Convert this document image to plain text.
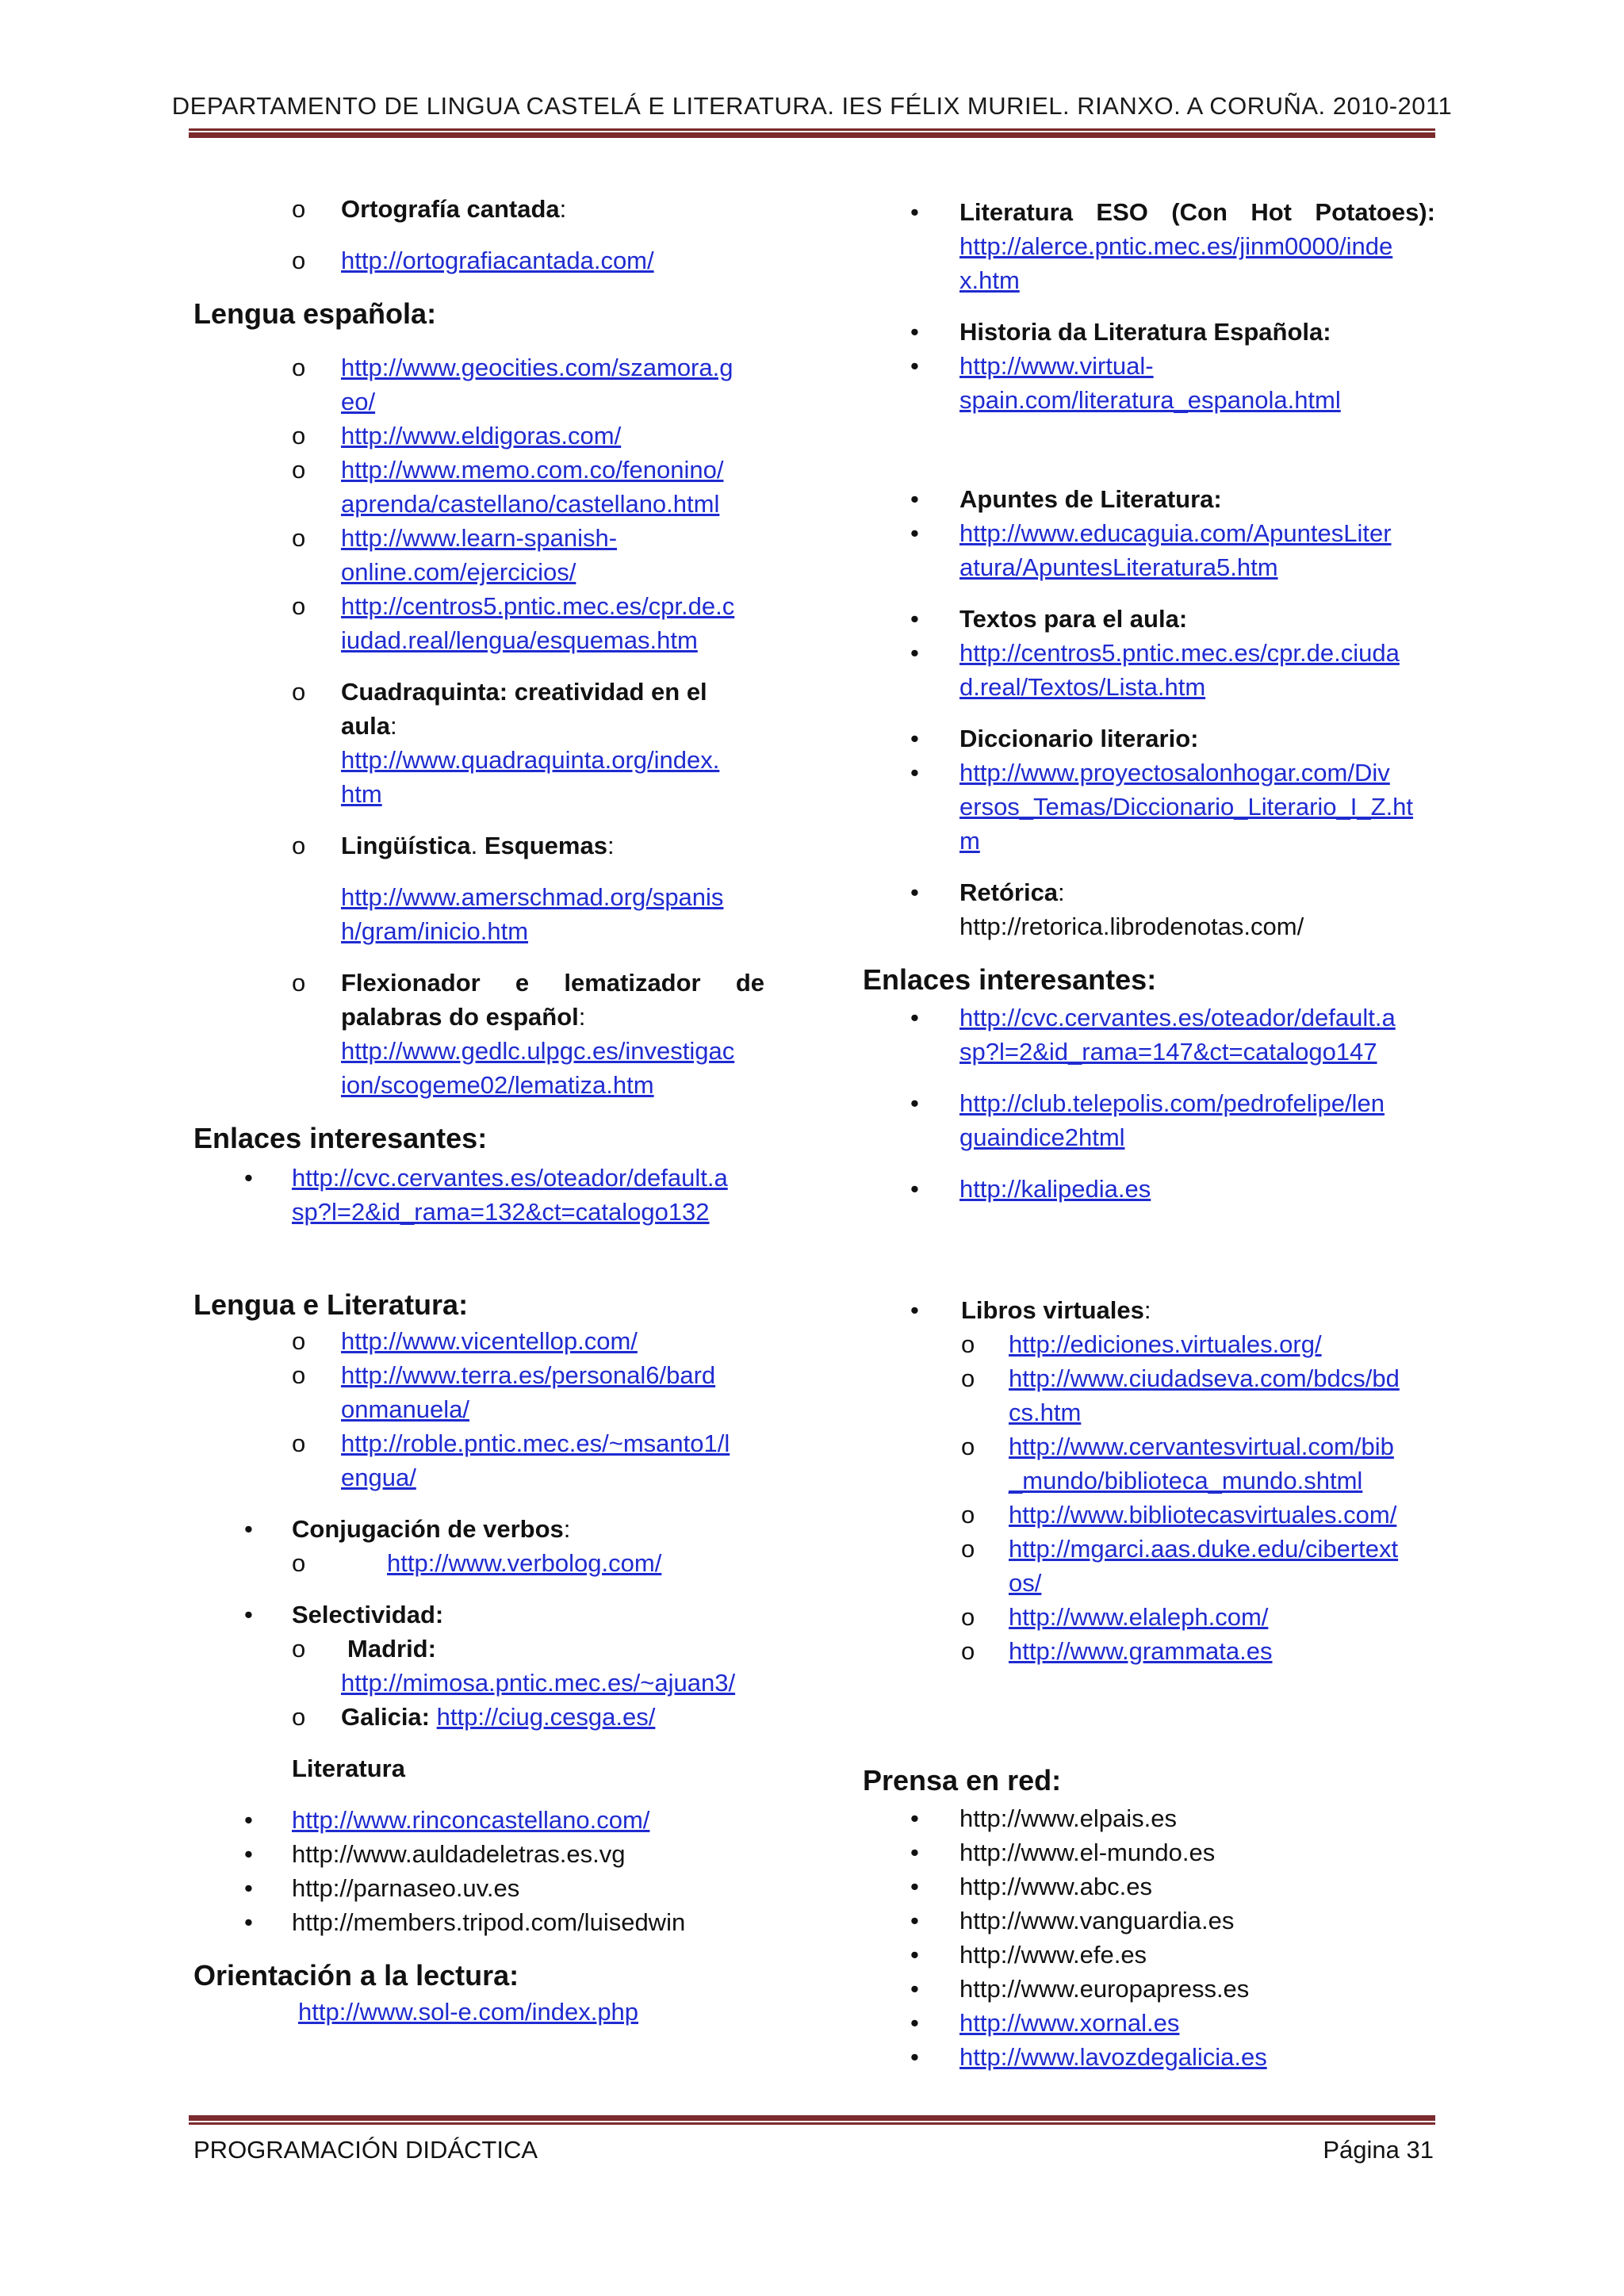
DEPARTAMENTO DE LINGUA CASTELÁ E LITERATURA. IES FÉLIX MURIEL. RIANXO. A CORUÑA. 2010-2011
o
Ortografía cantada:
o
http://ortografiacantada.com/
Lengua española:
o
http://www.geocities.com/szamora.g
eo/
o
http://www.eldigoras.com/
o
http://www.memo.com.co/fenonino/
aprenda/castellano/castellano.html
o
http://www.learn-spanish-
online.com/ejercicios/
o
http://centros5.pntic.mec.es/cpr.de.c
iudad.real/lengua/esquemas.htm
o
Cuadraquinta: creatividad en el aula:
http://www.quadraquinta.org/index.
htm
o
Lingüística. Esquemas:
http://www.amerschmad.org/spanis
h/gram/inicio.htm
o
Flexionador e lematizador de
palabras do español:
http://www.gedlc.ulpgc.es/investigac
ion/scogeme02/lematiza.htm
Enlaces interesantes:
•
http://cvc.cervantes.es/oteador/default.a
sp?l=2&id_rama=132&ct=catalogo132
Lengua e Literatura:
o
http://www.vicentellop.com/
o
http://www.terra.es/personal6/bard
onmanuela/
o
http://roble.pntic.mec.es/~msanto1/l
engua/
•
Conjugación de verbos:
o
http://www.verbolog.com/
•
Selectividad:
o
Madrid:
http://mimosa.pntic.mec.es/~ajuan3/
o
Galicia: http://ciug.cesga.es/
Literatura
•
http://www.rinconcastellano.com/
•
http://www.auldadeletras.es.vg
•
http://parnaseo.uv.es
•
http://members.tripod.com/luisedwin
Orientación a la lectura:
http://www.sol-e.com/index.php
•
Literatura ESO (Con Hot Potatoes):
http://alerce.pntic.mec.es/jinm0000/inde
x.htm
•
Historia da Literatura Española:
•
http://www.virtual-
spain.com/literatura_espanola.html
•
Apuntes de Literatura:
•
http://www.educaguia.com/ApuntesLiter
atura/ApuntesLiteratura5.htm
•
Textos para el aula:
•
http://centros5.pntic.mec.es/cpr.de.ciuda
d.real/Textos/Lista.htm
•
Diccionario literario:
•
http://www.proyectosalonhogar.com/Div
ersos_Temas/Diccionario_Literario_I_Z.ht
m
•
Retórica:
http://retorica.librodenotas.com/
Enlaces interesantes:
•
http://cvc.cervantes.es/oteador/default.a
sp?l=2&id_rama=147&ct=catalogo147
•
http://club.telepolis.com/pedrofelipe/len
guaindice2html
•
http://kalipedia.es
•
Libros virtuales:
o
http://ediciones.virtuales.org/
o
http://www.ciudadseva.com/bdcs/bd
cs.htm
o
http://www.cervantesvirtual.com/bib
_mundo/biblioteca_mundo.shtml
o
http://www.bibliotecasvirtuales.com/
o
http://mgarci.aas.duke.edu/cibertext
os/
o
http://www.elaleph.com/
o
http://www.grammata.es
Prensa en red:
•
http://www.elpais.es
•
http://www.el-mundo.es
•
http://www.abc.es
•
http://www.vanguardia.es
•
http://www.efe.es
•
http://www.europapress.es
•
http://www.xornal.es
•
http://www.lavozdegalicia.es
PROGRAMACIÓN DIDÁCTICA	Página 31
